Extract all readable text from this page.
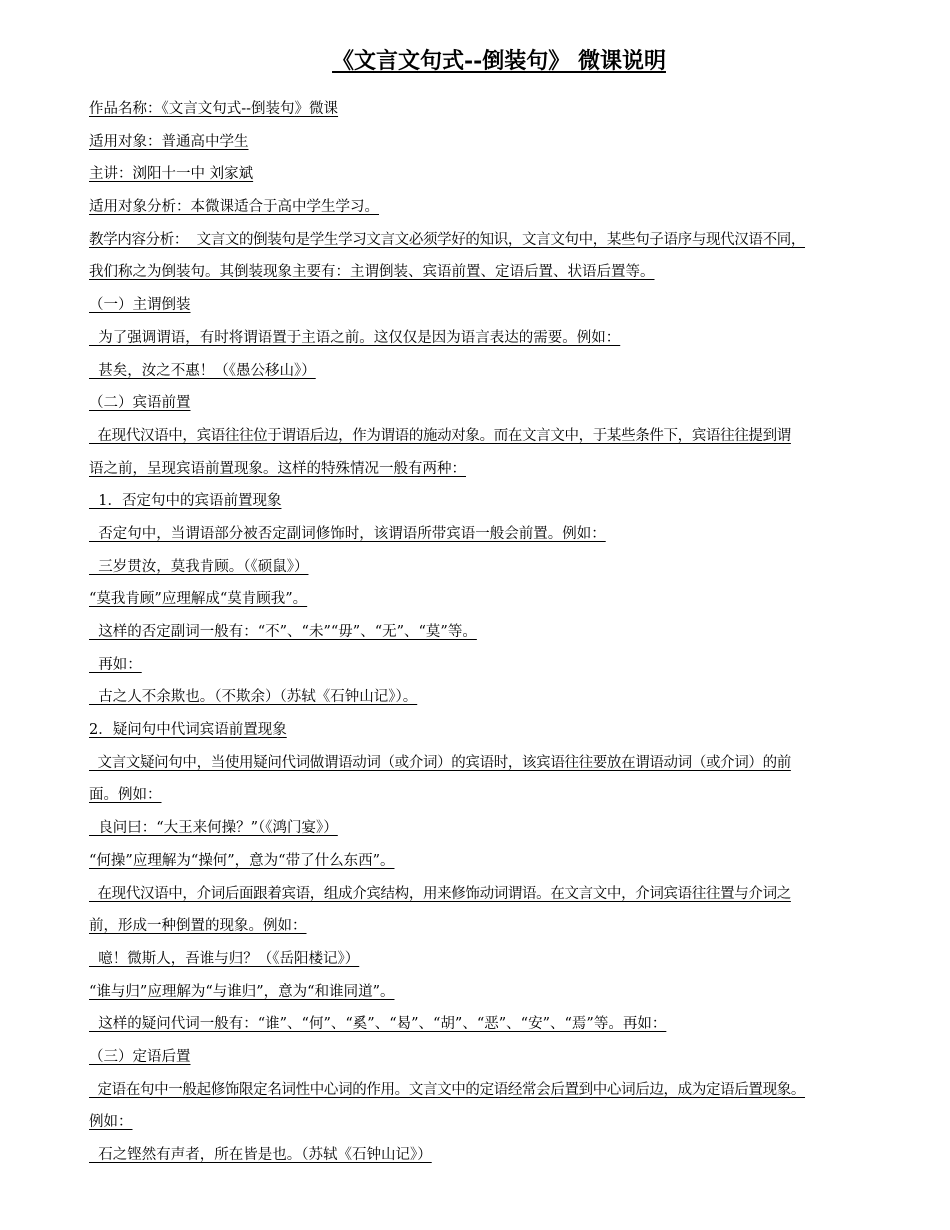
《文言文句式--倒装句》 微课说明
作品名称：《文言文句式--倒装句》微课
适用对象：普通高中学生
主讲：浏阳十一中 刘家斌
适用对象分析：本微课适合于高中学生学习。
教学内容分析：  文言文的倒装句是学生学习文言文必须学好的知识，文言文句中，某些句子语序与现代汉语不同，
我们称之为倒装句。其倒装现象主要有：主谓倒装、宾语前置、定语后置、状语后置等。
（一）主谓倒装
为了强调谓语，有时将谓语置于主语之前。这仅仅是因为语言表达的需要。例如：
甚矣，汝之不惠！（《愚公移山》）
（二）宾语前置
在现代汉语中，宾语往往位于谓语后边，作为谓语的施动对象。而在文言文中，于某些条件下，宾语往往提到谓
语之前，呈现宾语前置现象。这样的特殊情况一般有两种：
1．否定句中的宾语前置现象
否定句中，当谓语部分被否定副词修饰时，该谓语所带宾语一般会前置。例如：
三岁贯汝，莫我肯顾。（《硕鼠》）
“莫我肯顾”应理解成“莫肯顾我”。
这样的否定副词一般有：“不”、“未”“毋”、“无”、“莫”等。
再如：
古之人不余欺也。（不欺余）（苏轼《石钟山记》）。
2．疑问句中代词宾语前置现象
文言文疑问句中，当使用疑问代词做谓语动词（或介词）的宾语时，该宾语往往要放在谓语动词（或介词）的前
面。例如：
良问曰：“大王来何操？”（《鸿门宴》）
“何操”应理解为“操何”，意为“带了什么东西”。
在现代汉语中，介词后面跟着宾语，组成介宾结构，用来修饰动词谓语。在文言文中，介词宾语往往置与介词之
前，形成一种倒置的现象。例如：
噫！微斯人，吾谁与归？（《岳阳楼记》）
“谁与归”应理解为“与谁归”，意为“和谁同道”。
这样的疑问代词一般有：“谁”、“何”、“奚”、“曷”、“胡”、“恶”、“安”、“焉”等。再如：
（三）定语后置
定语在句中一般起修饰限定名词性中心词的作用。文言文中的定语经常会后置到中心词后边，成为定语后置现象。
例如：
石之铿然有声者，所在皆是也。（苏轼《石钟山记》）
